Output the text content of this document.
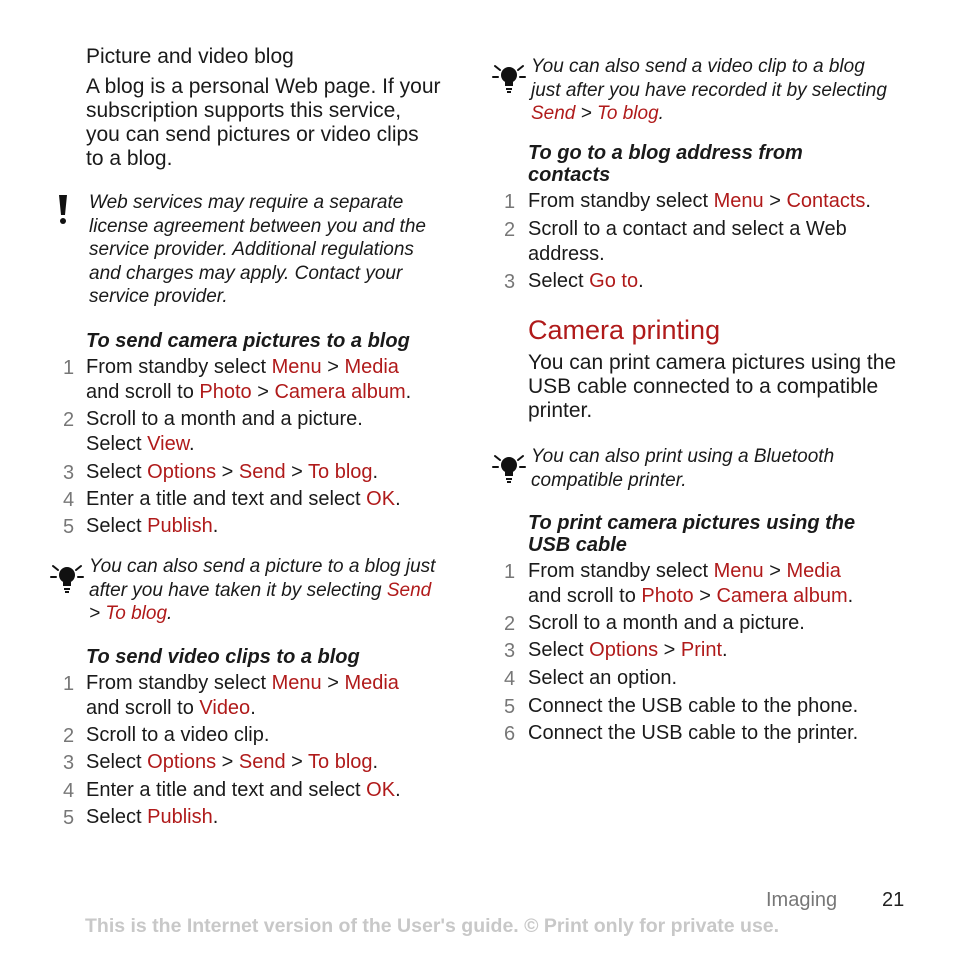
Picture and video blog
A blog is a personal Web page. If your
subscription supports this service,
you can send pictures or video clips
to a blog.
Web services may require a separate
license agreement between you and the
service provider. Additional regulations
and charges may apply. Contact your
service provider.
To send camera pictures to a blog
1 From standby select Menu > Media
and scroll to Photo > Camera album.
2 Scroll to a month and a picture.
Select View.
3 Select Options > Send > To blog.
4 Enter a title and text and select OK.
5 Select Publish.
You can also send a picture to a blog just
after you have taken it by selecting Send
> To blog.
To send video clips to a blog
1 From standby select Menu > Media
and scroll to Video.
2 Scroll to a video clip.
3 Select Options > Send > To blog.
4 Enter a title and text and select OK.
5 Select Publish.
You can also send a video clip to a blog
just after you have recorded it by selecting
Send > To blog.
To go to a blog address from
contacts
1 From standby select Menu > Contacts.
2 Scroll to a contact and select a Web
address.
3 Select Go to.
Camera printing
You can print camera pictures using the
USB cable connected to a compatible
printer.
You can also print using a Bluetooth
compatible printer.
To print camera pictures using the
USB cable
1 From standby select Menu > Media
and scroll to Photo > Camera album.
2 Scroll to a month and a picture.
3 Select Options > Print.
4 Select an option.
5 Connect the USB cable to the phone.
6 Connect the USB cable to the printer.
Imaging 21
This is the Internet version of the User's guide. © Print only for private use.
